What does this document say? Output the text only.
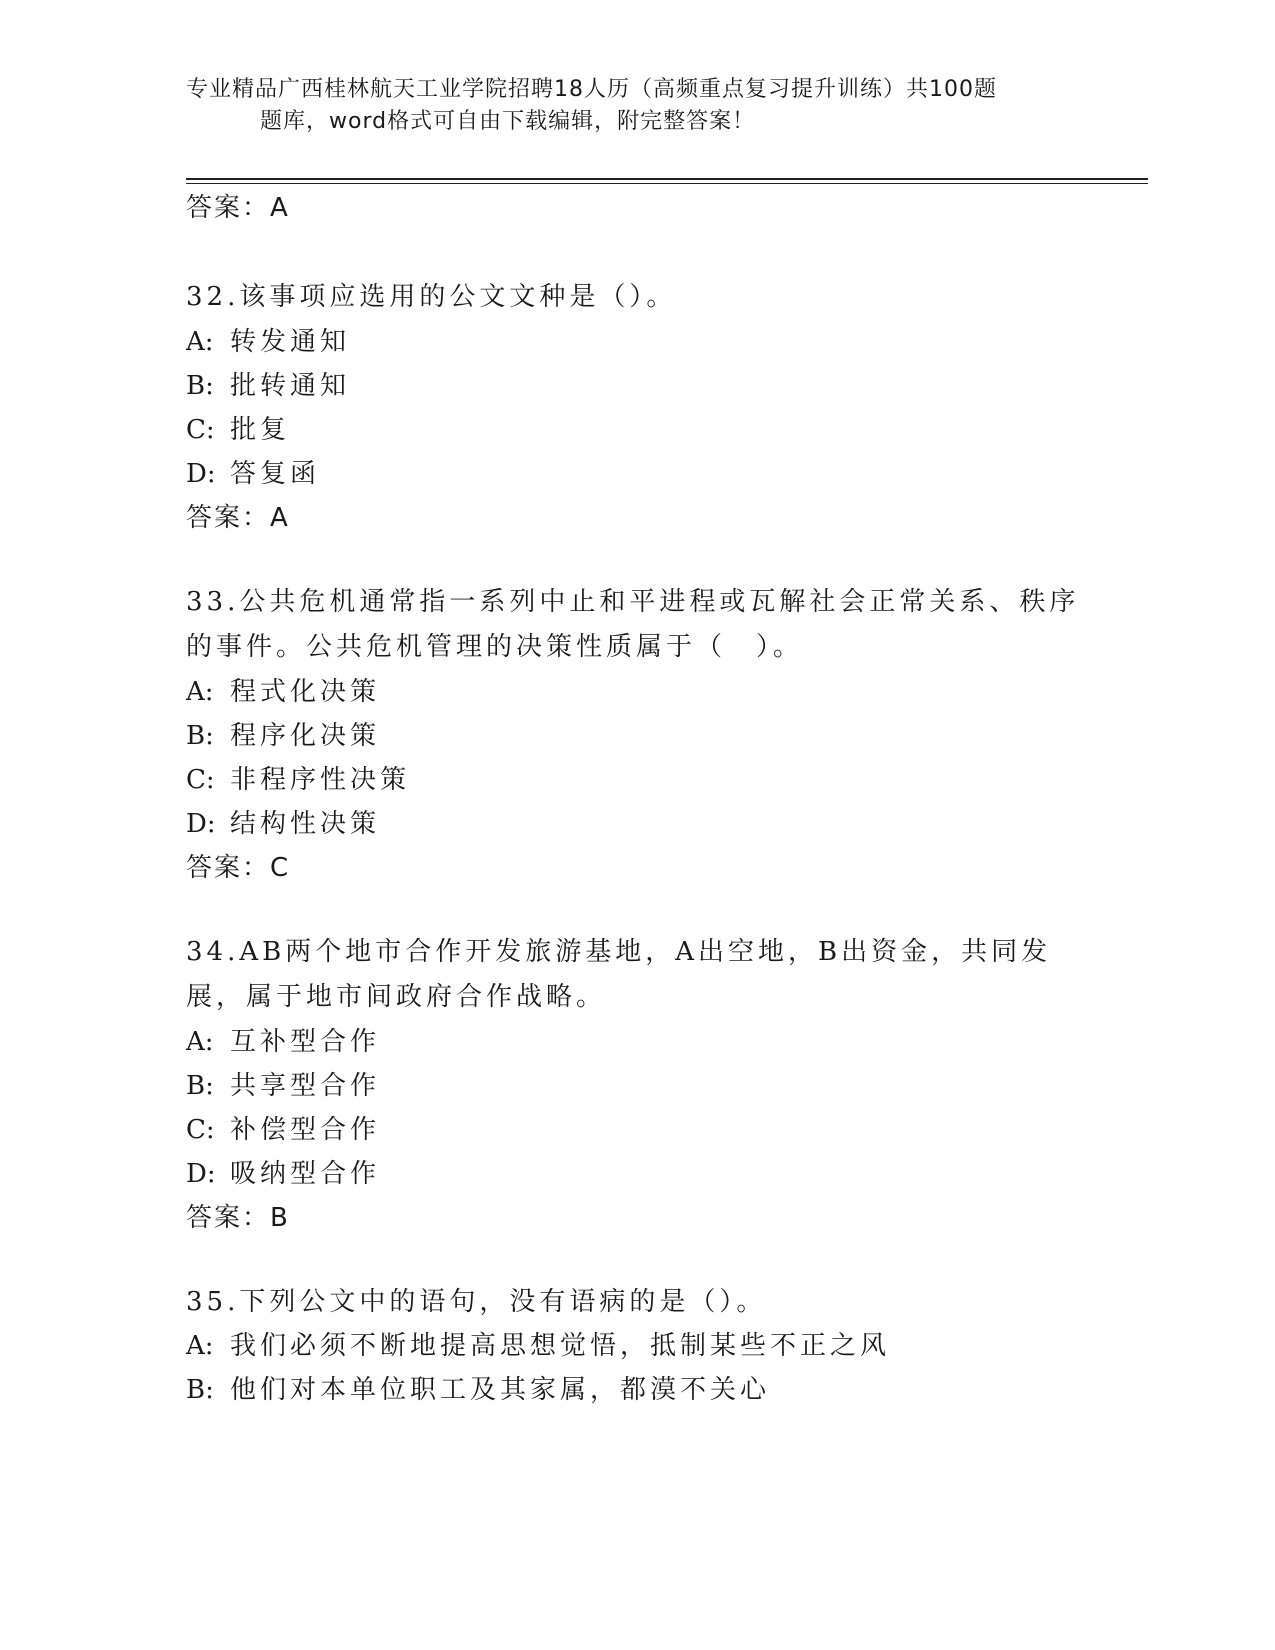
专业精品广西桂林航天工业学院招聘18人历（高频重点复习提升训练）共100题
题库，word格式可自由下载编辑，附完整答案！
答案：A
32.该事项应选用的公文文种是（）。
A: 转发通知
B: 批转通知
C: 批复
D: 答复函
答案：A
33.公共危机通常指一系列中止和平进程或瓦解社会正常关系、秩序的事件。公共危机管理的决策性质属于（　）。
A: 程式化决策
B: 程序化决策
C: 非程序性决策
D: 结构性决策
答案：C
34.AB两个地市合作开发旅游基地，A出空地，B出资金，共同发展，属于地市间政府合作战略。
A: 互补型合作
B: 共享型合作
C: 补偿型合作
D: 吸纳型合作
答案：B
35.下列公文中的语句，没有语病的是（）。
A: 我们必须不断地提高思想觉悟，抵制某些不正之风
B: 他们对本单位职工及其家属，都漠不关心
